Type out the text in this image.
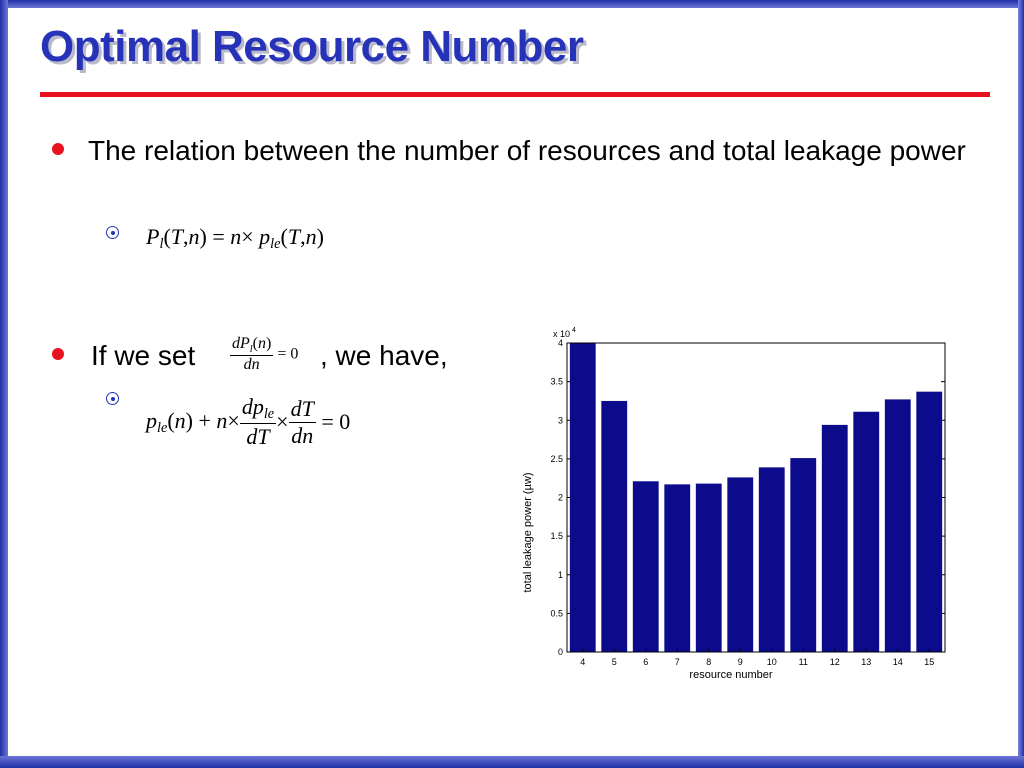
Optimal Resource Number
The relation between the number of resources and total leakage power
$P_l(T,n) = n\times p_{le}(T,n)$
If we set $\frac{dP_l(n)}{dn} = 0$ , we have,
$p_{le}(n) + n\times \frac{dp_{le}}{dT} \times \frac{dT}{dn} = 0$
4	5	6	7	8	9	10 11 12 13 14 15
0
0.5
1
1.5
2
2.5
3
3.5
4
x 10 4
resource number
total leakage power (µw)
